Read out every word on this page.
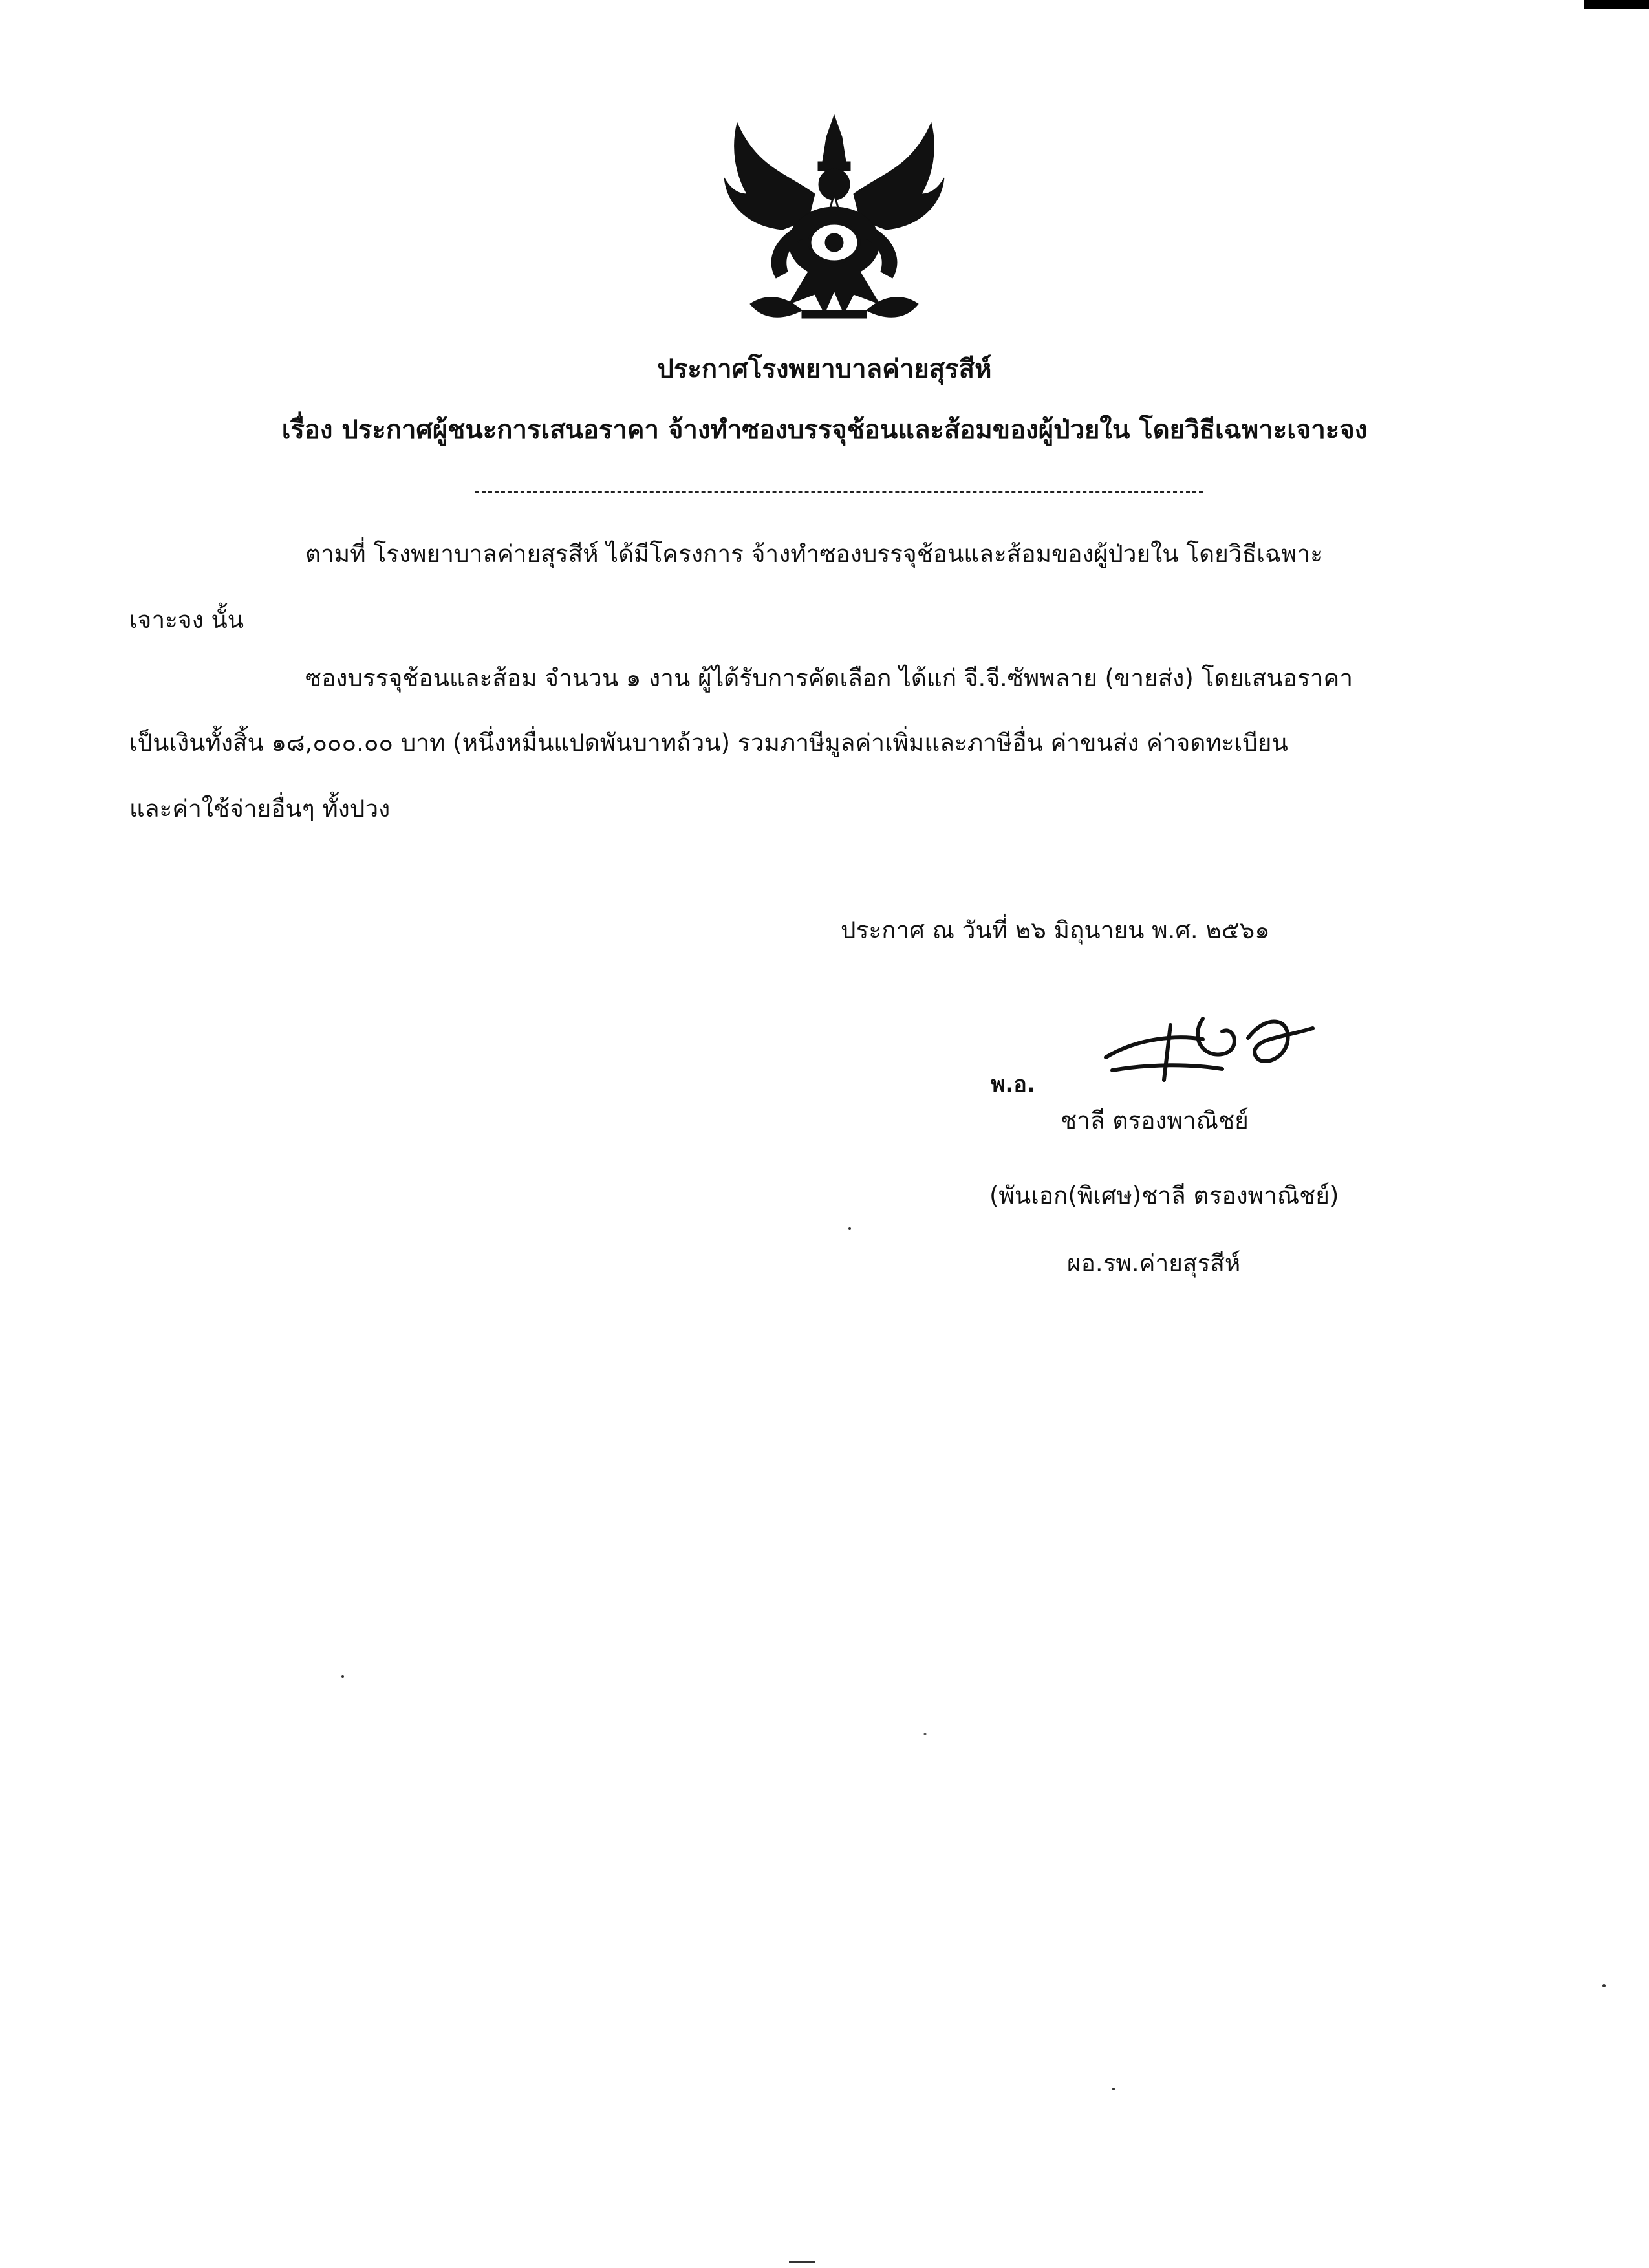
ประกาศโรงพยาบาลค่ายสุรสีห์
เรื่อง ประกาศผู้ชนะการเสนอราคา จ้างทำซองบรรจุช้อนและส้อมของผู้ป่วยใน โดยวิธีเฉพาะเจาะจง
ตามที่ โรงพยาบาลค่ายสุรสีห์ ได้มีโครงการ จ้างทำซองบรรจุช้อนและส้อมของผู้ป่วยใน โดยวิธีเฉพาะ
เจาะจง นั้น
ซองบรรจุช้อนและส้อม จำนวน ๑ งาน ผู้ได้รับการคัดเลือก ได้แก่ จี.จี.ซัพพลาย (ขายส่ง) โดยเสนอราคา
เป็นเงินทั้งสิ้น ๑๘,๐๐๐.๐๐ บาท (หนึ่งหมื่นแปดพันบาทถ้วน) รวมภาษีมูลค่าเพิ่มและภาษีอื่น ค่าขนส่ง ค่าจดทะเบียน
และค่าใช้จ่ายอื่นๆ ทั้งปวง
ประกาศ ณ วันที่ ๒๖ มิถุนายน พ.ศ. ๒๕๖๑
พ.อ.
ชาลี ตรองพาณิชย์
(พันเอก(พิเศษ)ชาลี ตรองพาณิชย์)
ผอ.รพ.ค่ายสุรสีห์
